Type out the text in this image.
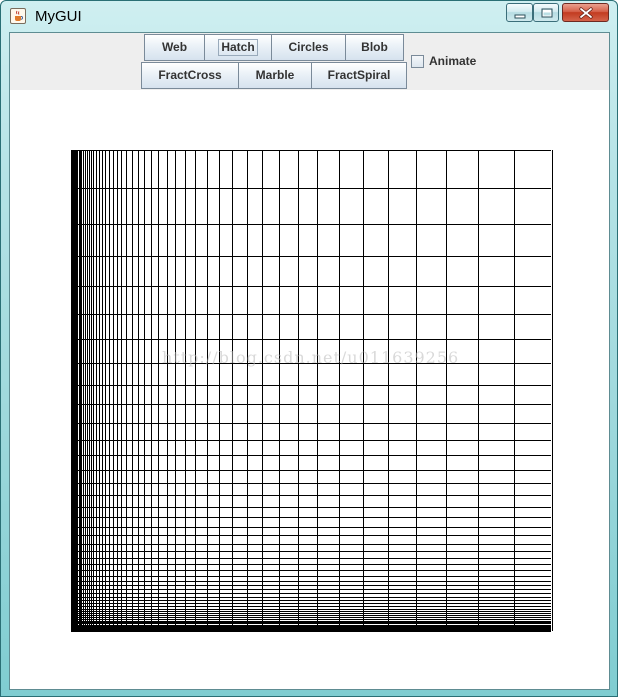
MyGUI
Web	Hatch	Circles	Blob
FractCross	Marble	FractSpiral
Animate
http://blog.csdn.net/u011639256
